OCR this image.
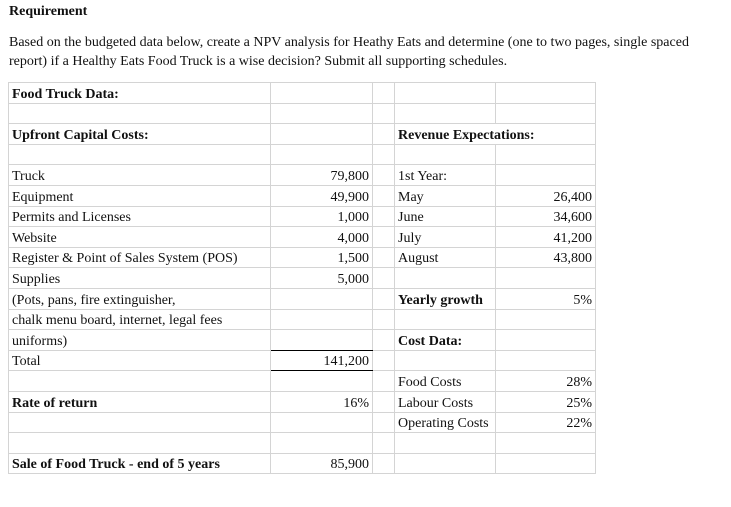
Requirement
Based on the budgeted data below, create a NPV analysis for Heathy Eats and determine (one to two pages, single spaced report) if a Healthy Eats Food Truck is a wise decision? Submit all supporting schedules.
Food Truck Data:				

Upfront Capital Costs:			Revenue Expectations:	

Truck	79,800		1st Year:	
Equipment	49,900		May	26,400
Permits and Licenses	1,000		June	34,600
Website	4,000		July	41,200
Register & Point of Sales System (POS)	1,500		August	43,800
Supplies	5,000			
(Pots, pans, fire extinguisher,			Yearly growth	5%
chalk menu board, internet, legal fees				
uniforms)			Cost Data:	
Total	141,200			
			Food Costs	28%
Rate of return	16%		Labour Costs	25%
			Operating Costs	22%

Sale of Food Truck - end of 5 years	85,900			
